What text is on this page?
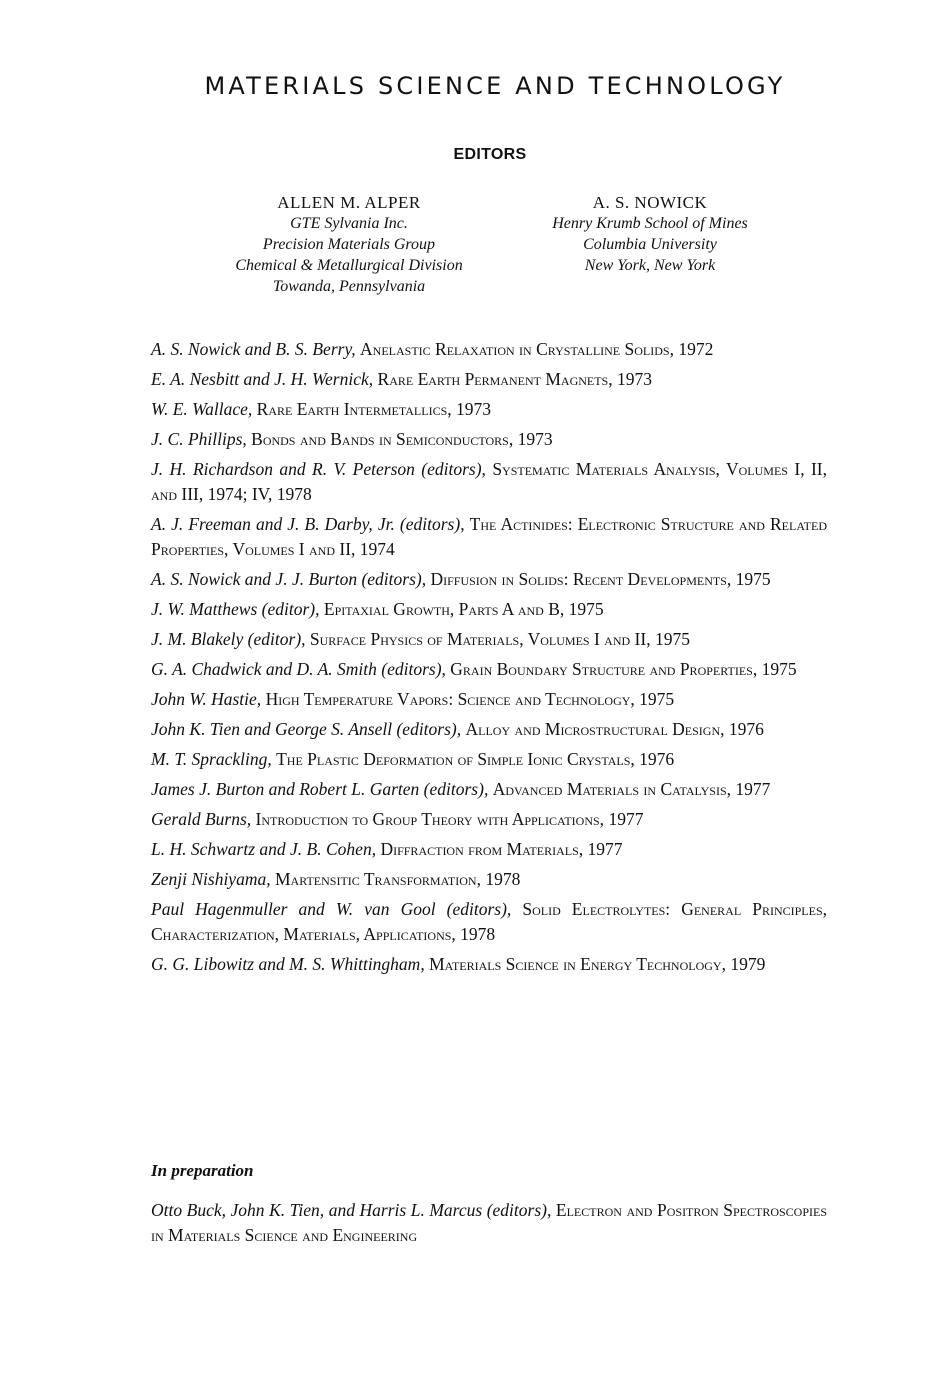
MATERIALS SCIENCE AND TECHNOLOGY
EDITORS
ALLEN M. ALPER
GTE Sylvania Inc.
Precision Materials Group
Chemical & Metallurgical Division
Towanda, Pennsylvania
A. S. NOWICK
Henry Krumb School of Mines
Columbia University
New York, New York

A. S. Nowick and B. S. Berry, Anelastic Relaxation in Crystalline Solids, 1972

E. A. Nesbitt and J. H. Wernick, Rare Earth Permanent Magnets, 1973

W. E. Wallace, Rare Earth Intermetallics, 1973

J. C. Phillips, Bonds and Bands in Semiconductors, 1973

J. H. Richardson and R. V. Peterson (editors), Systematic Materials Analysis, Volumes I, II, and III, 1974; IV, 1978

A. J. Freeman and J. B. Darby, Jr. (editors), The Actinides: Electronic Structure and Related Properties, Volumes I and II, 1974

A. S. Nowick and J. J. Burton (editors), Diffusion in Solids: Recent Developments, 1975

J. W. Matthews (editor), Epitaxial Growth, Parts A and B, 1975

J. M. Blakely (editor), Surface Physics of Materials, Volumes I and II, 1975

G. A. Chadwick and D. A. Smith (editors), Grain Boundary Structure and Properties, 1975

John W. Hastie, High Temperature Vapors: Science and Technology, 1975

John K. Tien and George S. Ansell (editors), Alloy and Microstructural Design, 1976

M. T. Sprackling, The Plastic Deformation of Simple Ionic Crystals, 1976

James J. Burton and Robert L. Garten (editors), Advanced Materials in Catalysis, 1977

Gerald Burns, Introduction to Group Theory with Applications, 1977

L. H. Schwartz and J. B. Cohen, Diffraction from Materials, 1977

Zenji Nishiyama, Martensitic Transformation, 1978

Paul Hagenmuller and W. van Gool (editors), Solid Electrolytes: General Principles, Characterization, Materials, Applications, 1978

G. G. Libowitz and M. S. Whittingham, Materials Science in Energy Technology, 1979

In preparation

Otto Buck, John K. Tien, and Harris L. Marcus (editors), Electron and Positron Spectroscopies in Materials Science and Engineering
